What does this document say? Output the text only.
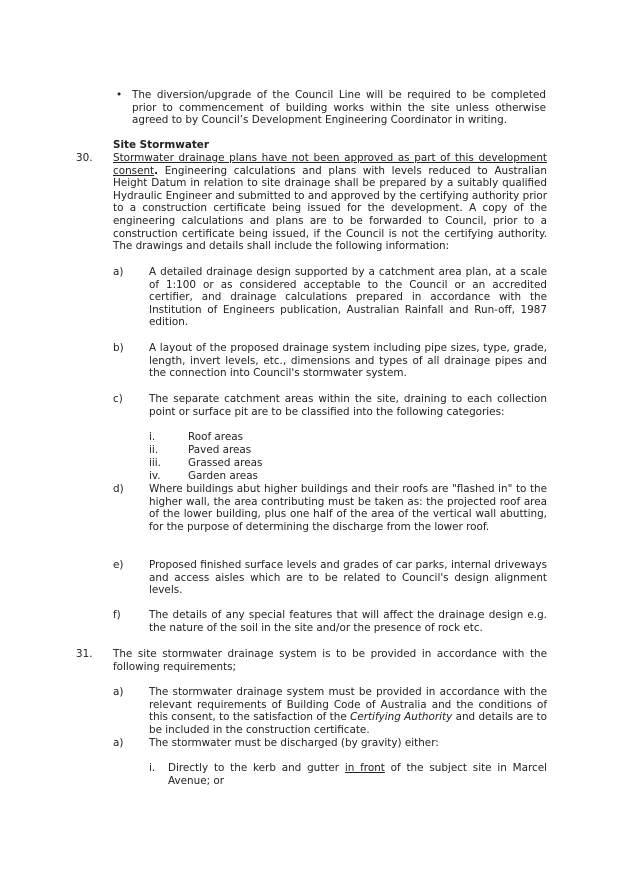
• The diversion/upgrade of the Council Line will be required to be completed prior to commencement of building works within the site unless otherwise agreed to by Council’s Development Engineering Coordinator in writing.
Site Stormwater
30. Stormwater drainage plans have not been approved as part of this development consent. Engineering calculations and plans with levels reduced to Australian Height Datum in relation to site drainage shall be prepared by a suitably qualified Hydraulic Engineer and submitted to and approved by the certifying authority prior to a construction certificate being issued for the development. A copy of the engineering calculations and plans are to be forwarded to Council, prior to a construction certificate being issued, if the Council is not the certifying authority. The drawings and details shall include the following information:
a) A detailed drainage design supported by a catchment area plan, at a scale of 1:100 or as considered acceptable to the Council or an accredited certifier, and drainage calculations prepared in accordance with the Institution of Engineers publication, Australian Rainfall and Run-off, 1987 edition.
b) A layout of the proposed drainage system including pipe sizes, type, grade, length, invert levels, etc., dimensions and types of all drainage pipes and the connection into Council's stormwater system.
c)	The separate catchment areas within the site, draining to each collection point or surface pit are to be classified into the following categories:
i.	Roof areas
ii.	Paved areas
iii.	Grassed areas
iv.	Garden areas
d) Where buildings abut higher buildings and their roofs are "flashed in" to the higher wall, the area contributing must be taken as: the projected roof area of the lower building, plus one half of the area of the vertical wall abutting, for the purpose of determining the discharge from the lower roof.
e) Proposed finished surface levels and grades of car parks, internal driveways and access aisles which are to be related to Council's design alignment levels.
f)	The details of any special features that will affect the drainage design e.g. the nature of the soil in the site and/or the presence of rock etc.
31. The site stormwater drainage system is to be provided in accordance with the following requirements;
a) The stormwater drainage system must be provided in accordance with the relevant requirements of Building Code of Australia and the conditions of this consent, to the satisfaction of the Certifying Authority and details are to be included in the construction certificate.
a) The stormwater must be discharged (by gravity) either:
i. Directly to the kerb and gutter in front of the subject site in Marcel Avenue; or
